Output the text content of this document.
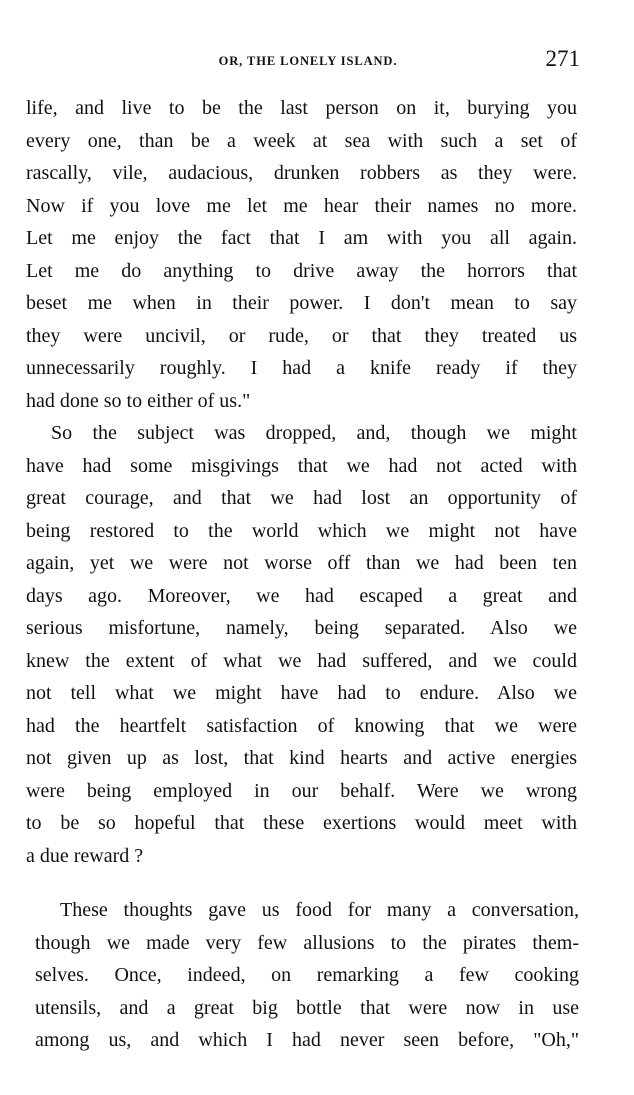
OR, THE LONELY ISLAND.	271
life, and live to be the last person on it, burying you
every one, than be a week at sea with such a set of
rascally, vile, audacious, drunken robbers as they were.
Now if you love me let me hear their names no more.
Let me enjoy the fact that I am with you all again.
Let me do anything to drive away the horrors that
beset me when in their power. I don't mean to say
they were uncivil, or rude, or that they treated us
unnecessarily roughly. I had a knife ready if they
had done so to either of us."
So the subject was dropped, and, though we might
have had some misgivings that we had not acted with
great courage, and that we had lost an opportunity of
being restored to the world which we might not have
again, yet we were not worse off than we had been ten
days ago. Moreover, we had escaped a great and
serious misfortune, namely, being separated. Also we
knew the extent of what we had suffered, and we could
not tell what we might have had to endure. Also we
had the heartfelt satisfaction of knowing that we were
not given up as lost, that kind hearts and active energies
were being employed in our behalf. Were we wrong
to be so hopeful that these exertions would meet with
a due reward ?
These thoughts gave us food for many a conversation,
though we made very few allusions to the pirates them-
selves. Once, indeed, on remarking a few cooking
utensils, and a great big bottle that were now in use
among us, and which I had never seen before, "Oh,"
